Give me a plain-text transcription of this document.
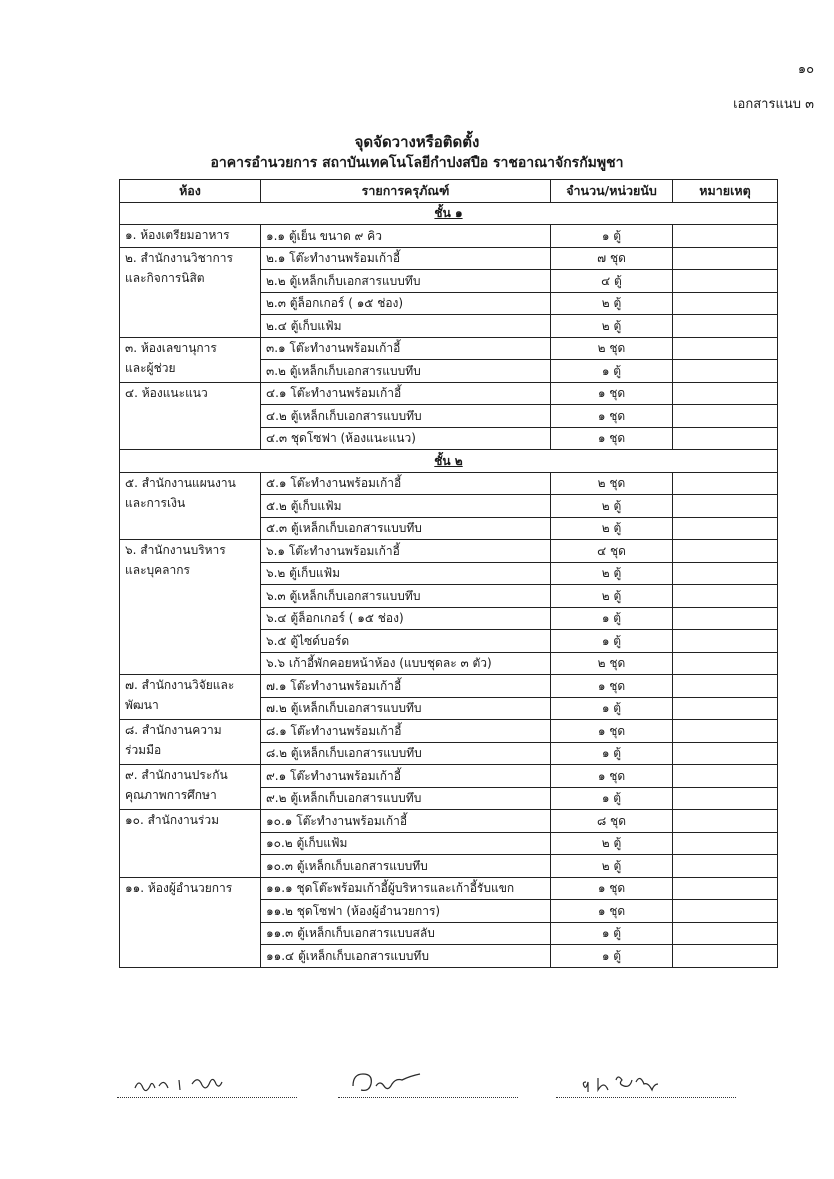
๑๐
เอกสารแนบ ๓
จุดจัดวางหรือติดตั้ง
อาคารอำนวยการ สถาบันเทคโนโลยีกำปงสปือ ราชอาณาจักรกัมพูชา
ห้อง	รายการครุภัณฑ์	จำนวน/หน่วยนับ	หมายเหตุ
ชั้น ๑			

๑. ห้องเตรียมอาหาร	๑.๑ ตู้เย็น ขนาด ๙ คิว	๑ ตู้	

๒. สำนักงานวิชาการ
และกิจการนิสิต	๒.๑ โต๊ะทำงานพร้อมเก้าอี้	๗ ชุด	
	๒.๒ ตู้เหล็กเก็บเอกสารแบบทึบ	๔ ตู้	
	๒.๓ ตู้ล็อกเกอร์ ( ๑๕ ช่อง)	๒ ตู้	
	๒.๔ ตู้เก็บแฟ้ม	๒ ตู้	

๓. ห้องเลขานุการ
และผู้ช่วย	๓.๑ โต๊ะทำงานพร้อมเก้าอี้	๒ ชุด	
	๓.๒ ตู้เหล็กเก็บเอกสารแบบทึบ	๑ ตู้	

๔. ห้องแนะแนว	๔.๑ โต๊ะทำงานพร้อมเก้าอี้	๑ ชุด	
	๔.๒ ตู้เหล็กเก็บเอกสารแบบทึบ	๑ ชุด	
	๔.๓ ชุดโซฟา (ห้องแนะแนว)	๑ ชุด	
ชั้น ๒			

๕. สำนักงานแผนงาน
และการเงิน	๕.๑ โต๊ะทำงานพร้อมเก้าอี้	๒ ชุด	
	๕.๒ ตู้เก็บแฟ้ม	๒ ตู้	
	๕.๓ ตู้เหล็กเก็บเอกสารแบบทึบ	๒ ตู้	

๖. สำนักงานบริหาร
และบุคลากร	๖.๑ โต๊ะทำงานพร้อมเก้าอี้	๔ ชุด	
	๖.๒ ตู้เก็บแฟ้ม	๒ ตู้	
	๖.๓ ตู้เหล็กเก็บเอกสารแบบทึบ	๒ ตู้	
	๖.๔ ตู้ล็อกเกอร์ ( ๑๕ ช่อง)	๑ ตู้	
	๖.๕ ตู้ไซด์บอร์ด	๑ ตู้	
	๖.๖ เก้าอี้พักคอยหน้าห้อง (แบบชุดละ ๓ ตัว)	๒ ชุด	

๗. สำนักงานวิจัยและ
พัฒนา	๗.๑ โต๊ะทำงานพร้อมเก้าอี้	๑ ชุด	
	๗.๒ ตู้เหล็กเก็บเอกสารแบบทึบ	๑ ตู้	

๘. สำนักงานความ
ร่วมมือ	๘.๑ โต๊ะทำงานพร้อมเก้าอี้	๑ ชุด	
	๘.๒ ตู้เหล็กเก็บเอกสารแบบทึบ	๑ ตู้	

๙. สำนักงานประกัน
คุณภาพการศึกษา	๙.๑ โต๊ะทำงานพร้อมเก้าอี้	๑ ชุด	
	๙.๒ ตู้เหล็กเก็บเอกสารแบบทึบ	๑ ตู้	

๑๐. สำนักงานร่วม	๑๐.๑ โต๊ะทำงานพร้อมเก้าอี้	๘ ชุด	
	๑๐.๒ ตู้เก็บแฟ้ม	๒ ตู้	
	๑๐.๓ ตู้เหล็กเก็บเอกสารแบบทึบ	๒ ตู้	

๑๑. ห้องผู้อำนวยการ	๑๑.๑ ชุดโต๊ะพร้อมเก้าอี้ผู้บริหารและเก้าอี้รับแขก	๑ ชุด	
	๑๑.๒ ชุดโซฟา (ห้องผู้อำนวยการ)	๑ ชุด	
	๑๑.๓ ตู้เหล็กเก็บเอกสารแบบสลับ	๑ ตู้	
	๑๑.๔ ตู้เหล็กเก็บเอกสารแบบทึบ	๑ ตู้	
